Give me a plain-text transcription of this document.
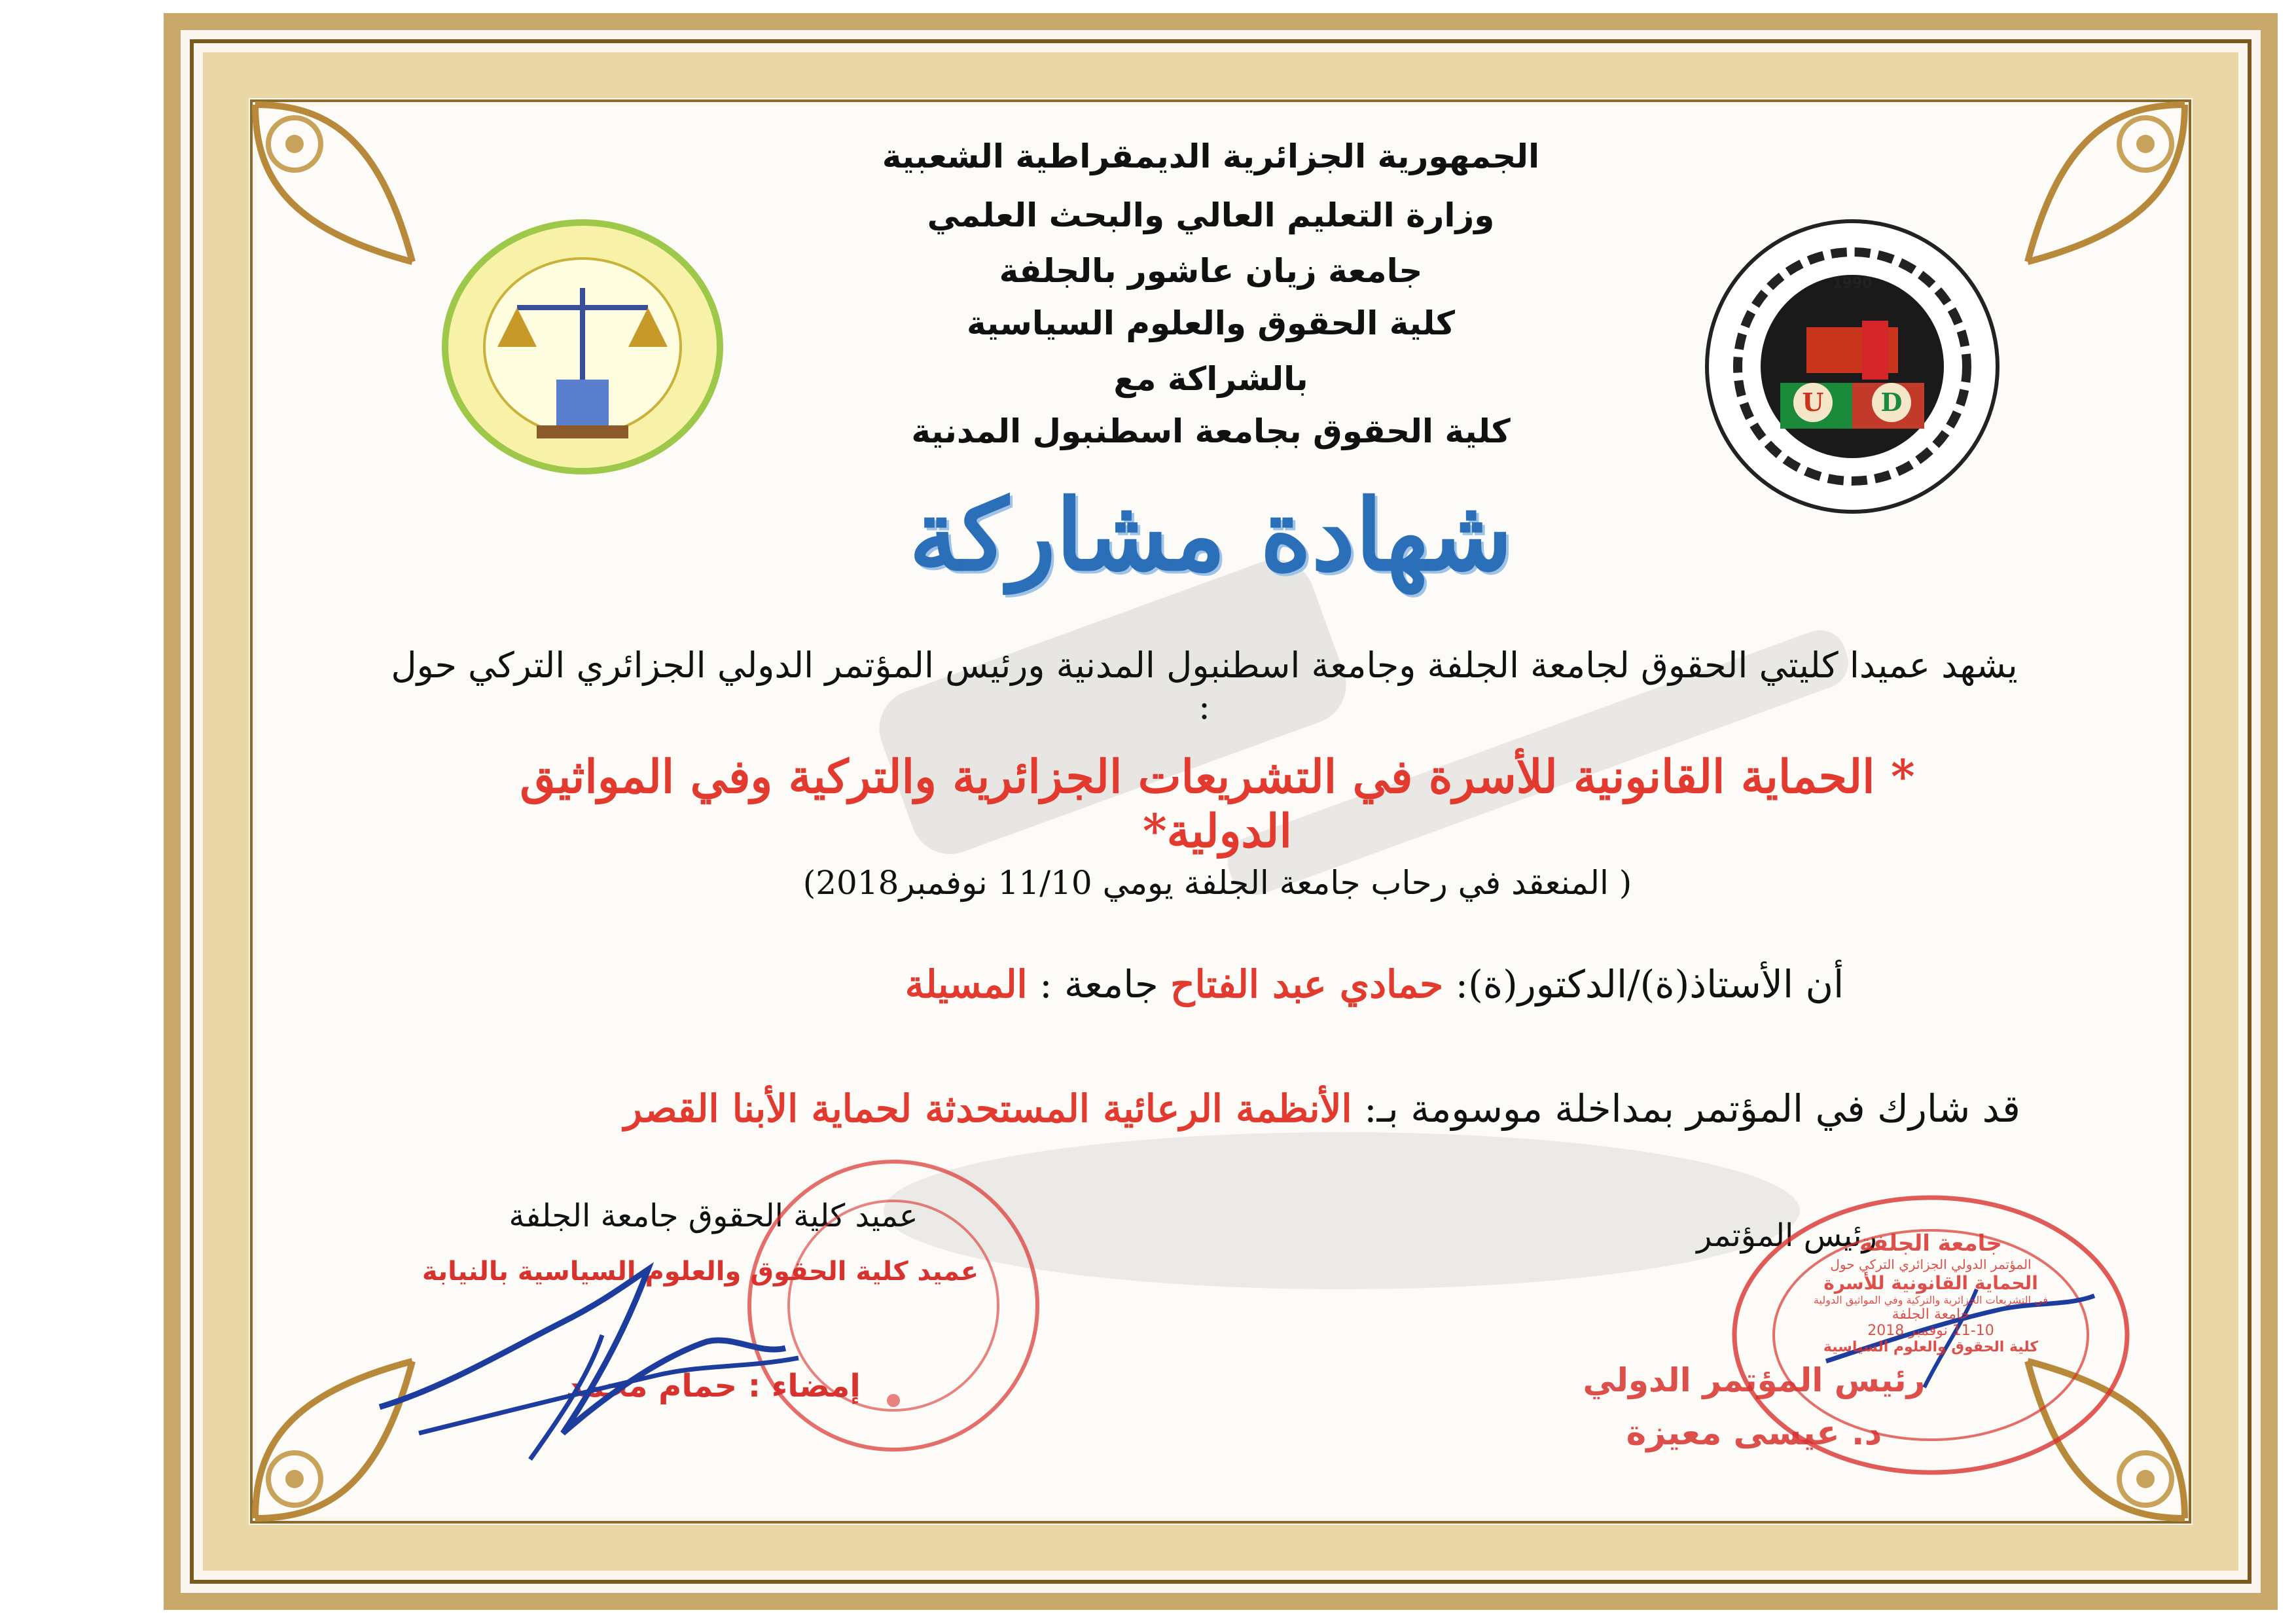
U D
1990
الجمهورية الجزائرية الديمقراطية الشعبية
وزارة التعليم العالي والبحث العلمي
جامعة زيان عاشور بالجلفة
كلية الحقوق والعلوم السياسية
بالشراكة مع
كلية الحقوق بجامعة اسطنبول المدنية
شهادة مشاركة
يشهد عميدا كليتي الحقوق لجامعة الجلفة وجامعة اسطنبول المدنية ورئيس المؤتمر الدولي الجزائري التركي حول :
* الحماية القانونية للأسرة في التشريعات الجزائرية والتركية وفي المواثيق الدولية*
( المنعقد في رحاب جامعة الجلفة يومي 11/10 نوفمبر2018)
أن الأستاذ(ة)/الدكتور(ة): حمادي عبد الفتاح جامعة : المسيلة
قد شارك في المؤتمر بمداخلة موسومة بـ: الأنظمة الرعائية المستحدثة لحماية الأبنا القصر
عميد كلية الحقوق جامعة الجلفة
رئيس المؤتمر
عميد كلية الحقوق والعلوم السياسية بالنيابة
إمضاء : حمام محمد
جامعة الجلفة
المؤتمر الدولي الجزائري التركي حول
الحماية القانونية للأسرة
في التشريعات الجزائرية والتركية وفي المواثيق الدولية
جامعة الجلفة
11-10 نوفمبر 2018
كلية الحقوق والعلوم السياسية
رئيس المؤتمر الدولي
د. عيسى معيزة
